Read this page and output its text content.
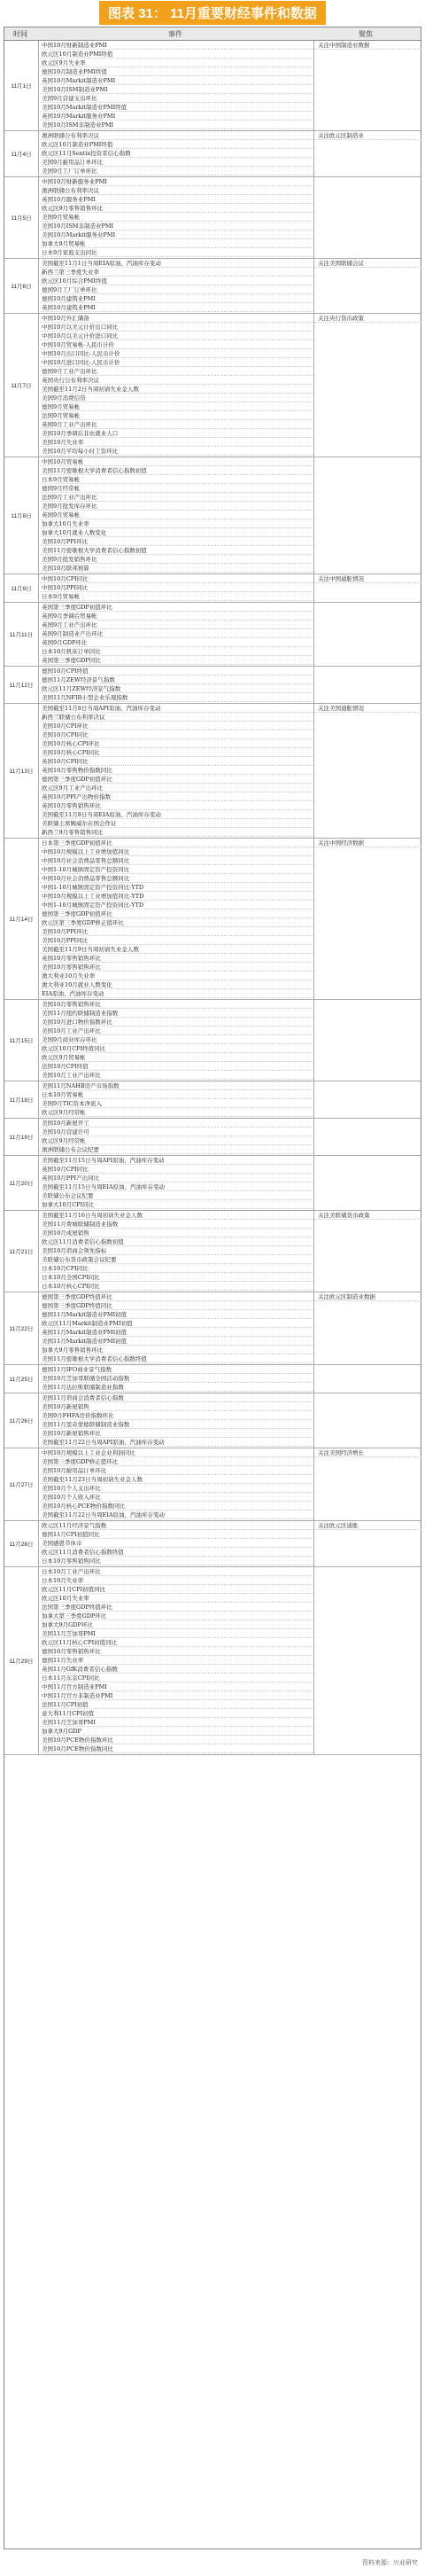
图表 31： 11月重要财经事件和数据
时间	事件	聚焦
11月1日
中国10月财新制造业PMI
欧元区10月制造业PMI终值
欧元区9月失业率
德国10月制造业PMI终值
英国10月Markit制造业PMI
美国10月ISM制造业PMI
美国9月营建支出环比
美国10月Markit制造业PMI终值
英国10月Markit服务业PMI
美国10月ISM非制造业PMI
关注中国制造业数据
11月4日
澳洲联储公布利率决议
欧元区10月制造业PMI终值
欧元区11月Sentix投资者信心指数
美国9月耐用品订单环比
美国9月工厂订单环比
关注欧元区制造业
11月5日
中国10月财新服务业PMI
澳洲联储公布利率决议
英国10月服务业PMI
欧元区9月零售销售环比
美国9月贸易帐
美国10月ISM非制造业PMI
美国10月Markit服务业PMI
加拿大9月贸易帐
日本9月家庭支出同比
11月6日
美国截至11月1日当周EIA原油、汽油库存变动
新西兰第三季度失业率
欧元区10月综合PMI终值
德国9月工厂订单环比
德国10月建筑业PMI
英国10月建筑业PMI
关注美国联储会议
11月7日
中国10月外汇储备
中国10月以美元计价出口同比
中国10月以美元计价进口同比
中国10月贸易帐-人民币计价
中国10月出口同比-人民币计价
中国10月进口同比-人民币计价
德国9月工业产出环比
英国央行公布利率决议
美国截至11月2日当周初请失业金人数
美国9月消费信贷
德国9月贸易帐
法国9月贸易帐
英国9月工业产出环比
美国10月季调后非农就业人口
美国10月失业率
美国10月平均每小时工资环比
关注央行货币政策
11月8日
中国10月贸易帐
美国11月密歇根大学消费者信心指数初值
日本9月贸易帐
德国9月经常帐
法国9月工业产出环比
美国9月批发库存环比
英国9月贸易帐
加拿大10月失业率
加拿大10月就业人数变化
美国10月PPI环比
美国11月密歇根大学消费者信心指数初值
美国9月批发销售环比
美国10月联邦预算
11月9日
中国10月CPI同比
中国10月PPI同比
日本9月贸易帐
关注中国通胀情况
11月11日
英国第三季度GDP初值环比
英国9月季调后贸易帐
英国9月工业产出环比
英国9月制造业产出环比
英国9月GDP环比
日本10月机床订单同比
英国第三季度GDP同比
11月12日
德国10月CPI终值
德国11月ZEW经济景气指数
欧元区11月ZEW经济景气指数
美国11月NFIB小型企业乐观指数
11月13日
美国截至11月8日当周API原油、汽油库存变动
新西兰联储公布利率决议
美国10月CPI环比
美国10月CPI同比
美国10月核心CPI环比
美国10月核心CPI同比
英国10月CPI同比
英国10月零售物价指数同比
德国第三季度GDP初值环比
欧元区9月工业产出环比
英国10月PPI产出物价指数
英国10月零售销售环比
美国截至11月8日当周EIA原油、汽油库存变动
美联储主席鲍威尔在国会作证
新西兰9月零售销售同比
关注美国通胀情况
11月14日
日本第三季度GDP初值环比
中国10月规模以上工业增加值同比
中国10月社会消费品零售总额同比
中国1-10月城镇固定资产投资同比
中国10月社会消费品零售总额同比
中国1-10月城镇固定资产投资同比-YTD
中国10月规模以上工业增加值同比-YTD
中国1-10月城镇固定资产投资同比-YTD
德国第三季度GDP初值环比
欧元区第三季度GDP修正值环比
美国10月PPI环比
美国10月PPI同比
美国截至11月9日当周初请失业金人数
英国10月零售销售环比
美国10月零售销售环比
澳大利亚10月失业率
澳大利亚10月就业人数变化
EIA原油、汽油库存变动
关注中国经济数据
11月15日
美国10月零售销售环比
美国11月纽约联储制造业指数
美国10月进口物价指数环比
美国10月工业产出环比
美国9月商业库存环比
欧元区10月CPI终值同比
欧元区9月贸易帐
法国10月CPI终值
美国10月工业产出环比
11月18日
美国11月NAHB房产市场指数
日本10月贸易帐
美国9月TIC资本净流入
欧元区9月经常帐
11月19日
美国10月新屋开工
美国10月营建许可
欧元区9月经常帐
澳洲联储公布会议纪要
11月20日
美国截至11月15日当周API原油、汽油库存变动
英国10月CPI同比
英国10月PPI产出同比
美国截至11月15日当周EIA原油、汽油库存变动
美联储公布会议纪要
加拿大10月CPI同比
11月21日
美国截至11月16日当周初请失业金人数
美国11月费城联储制造业指数
美国10月成屋销售
欧元区11月消费者信心指数初值
美国10月谘商会领先指标
美联储公布货币政策会议纪要
日本10月CPI同比
日本10月全国CPI同比
日本10月核心CPI同比
关注美联储货币政策
11月22日
德国第三季度GDP终值环比
德国第三季度GDP终值同比
德国11月Markit制造业PMI初值
欧元区11月Markit制造业PMI初值
英国11月Markit制造业PMI初值
美国11月Markit制造业PMI初值
加拿大9月零售销售环比
美国11月密歇根大学消费者信心指数终值
关注欧元区制造业数据
11月25日
德国11月IFO商业景气指数
美国10月芝加哥联储全国活动指数
美国11月达拉斯联储制造业指数
11月26日
美国11月谘商会消费者信心指数
美国10月新屋销售
美国9月FHFA房价指数环比
美国11月里奇蒙德联储制造业指数
美国10月新屋销售环比
美国截至11月22日当周API原油、汽油库存变动
11月27日
中国10月规模以上工业企业利润同比
美国第三季度GDP修正值环比
美国10月耐用品订单环比
美国截至11月23日当周初请失业金人数
美国10月个人支出环比
美国10月个人收入环比
美国10月核心PCE物价指数同比
美国截至11月22日当周EIA原油、汽油库存变动
关注美国经济增长
11月28日
欧元区11月经济景气指数
德国11月CPI初值同比
美国感恩节休市
欧元区11月消费者信心指数终值
日本10月零售销售同比
关注欧元区通胀
11月29日
日本10月工业产出环比
日本10月失业率
欧元区11月CPI初值同比
欧元区10月失业率
法国第三季度GDP终值环比
加拿大第三季度GDP环比
加拿大9月GDP环比
美国11月芝加哥PMI
欧元区11月核心CPI初值同比
德国10月零售销售环比
德国11月失业率
英国11月GfK消费者信心指数
日本11月东京CPI同比
中国11月官方制造业PMI
中国11月官方非制造业PMI
法国11月CPI初值
意大利11月CPI初值
美国11月芝加哥PMI
加拿大9月GDP
美国10月PCE物价指数环比
美国10月PCE物价指数同比
资料来源：兴业研究
